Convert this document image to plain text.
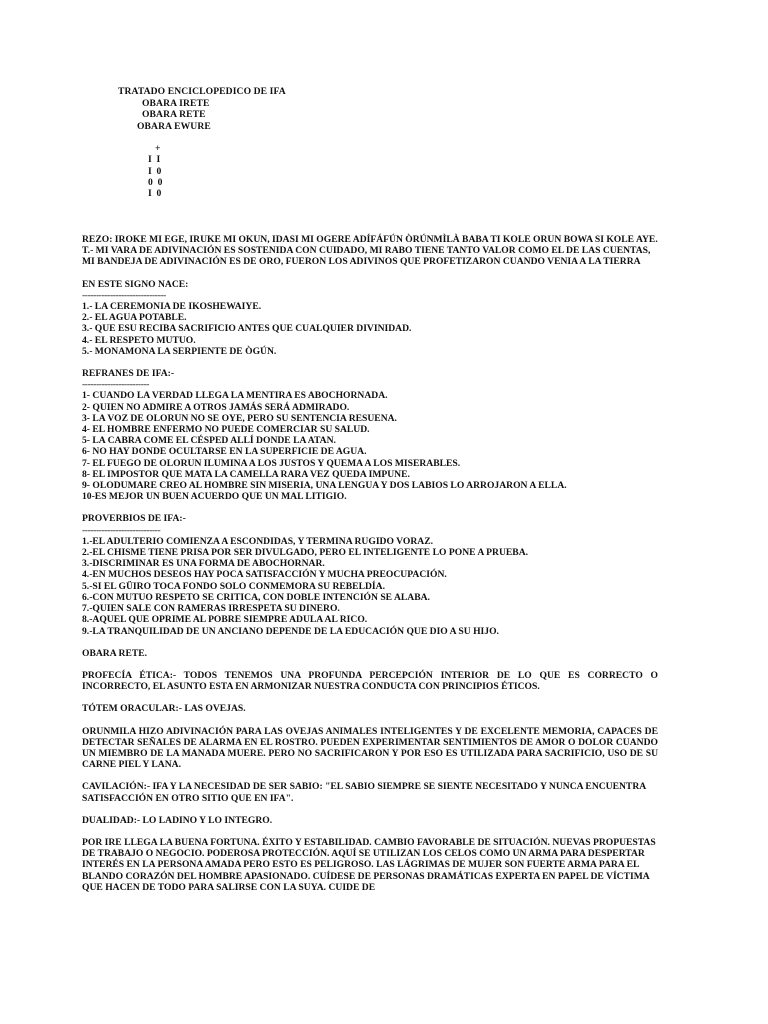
TRATADO ENCICLOPEDICO DE IFA
OBARA IRETE
OBARA RETE
OBARA EWURE
+
I  I
I  0
0  0
I  0

REZO: IROKE MI EGE, IRUKE MI OKUN, IDASI MI OGERE ADÍFÁFÚN ÒRÚNMÌLÀ BABA TI KOLE ORUN BOWA SI KOLE AYE.

T.- MI VARA DE ADIVINACIÓN ES SOSTENIDA CON CUIDADO, MI RABO TIENE TANTO VALOR COMO EL DE LAS CUENTAS, MI BANDEJA DE ADIVINACIÓN ES DE ORO, FUERON LOS ADIVINOS QUE PROFETIZARON CUANDO VENIA A LA TIERRA

EN ESTE SIGNO NACE:

------------------------------

1.- LA CEREMONIA DE IKOSHEWAIYE.

2.- EL AGUA POTABLE.

3.- QUE ESU RECIBA SACRIFICIO ANTES QUE CUALQUIER DIVINIDAD.

4.- EL RESPETO MUTUO.

5.- MONAMONA LA SERPIENTE DE ÒGÚN.

REFRANES DE IFA:-

------------------------

1- CUANDO LA VERDAD LLEGA LA MENTIRA ES ABOCHORNADA.

2- QUIEN NO ADMIRE A OTROS JAMÁS SERÁ ADMIRADO.

3- LA VOZ DE OLORUN NO SE OYE, PERO SU SENTENCIA RESUENA.

4- EL HOMBRE ENFERMO NO PUEDE COMERCIAR SU SALUD.

5- LA CABRA COME EL CÉSPED ALLÍ DONDE LA ATAN.

6- NO HAY DONDE OCULTARSE EN LA SUPERFICIE DE AGUA.

7- EL FUEGO DE OLORUN ILUMINA A LOS JUSTOS Y QUEMA A LOS MISERABLES.

8- EL IMPOSTOR QUE MATA LA CAMELLA RARA VEZ QUEDA IMPUNE.

9- OLODUMARE CREO AL HOMBRE SIN MISERIA, UNA LENGUA Y DOS LABIOS LO ARROJARON A ELLA.

10-ES MEJOR UN BUEN ACUERDO QUE UN MAL LITIGIO.

PROVERBIOS DE IFA:-

----------------------------

1.-EL ADULTERIO COMIENZA A ESCONDIDAS, Y TERMINA RUGIDO VORAZ.

2.-EL CHISME TIENE PRISA POR SER DIVULGADO, PERO EL INTELIGENTE LO PONE A PRUEBA.

3.-DISCRIMINAR ES UNA FORMA DE ABOCHORNAR.

4.-EN MUCHOS DESEOS HAY POCA SATISFACCIÓN Y MUCHA PREOCUPACIÓN.

5.-SI EL GÜIRO TOCA FONDO SOLO CONMEMORA SU REBELDÍA.

6.-CON MUTUO RESPETO SE CRITICA, CON DOBLE INTENCIÓN SE ALABA.

7.-QUIEN SALE CON RAMERAS IRRESPETA SU DINERO.

8.-AQUEL QUE OPRIME AL POBRE SIEMPRE ADULA AL RICO.

9.-LA TRANQUILIDAD DE UN ANCIANO DEPENDE DE LA EDUCACIÓN QUE DIO A SU HIJO.

OBARA RETE.

PROFECÍA ÉTICA:- TODOS TENEMOS UNA PROFUNDA PERCEPCIÓN INTERIOR DE LO QUE ES CORRECTO O INCORRECTO, EL ASUNTO ESTA EN ARMONIZAR NUESTRA CONDUCTA CON PRINCIPIOS ÉTICOS.

TÓTEM ORACULAR:- LAS OVEJAS.

ORUNMILA HIZO ADIVINACIÓN PARA LAS OVEJAS ANIMALES INTELIGENTES Y DE EXCELENTE MEMORIA, CAPACES DE DETECTAR SEÑALES DE ALARMA EN EL ROSTRO. PUEDEN EXPERIMENTAR SENTIMIENTOS DE AMOR O DOLOR CUANDO UN MIEMBRO DE LA MANADA MUERE. PERO NO SACRIFICARON Y POR ESO ES UTILIZADA PARA SACRIFICIO, USO DE SU CARNE PIEL Y LANA.

CAVILACIÓN:- IFA Y LA NECESIDAD DE SER SABIO: "EL SABIO SIEMPRE SE SIENTE NECESITADO Y NUNCA ENCUENTRA SATISFACCIÓN EN OTRO SITIO QUE EN IFA".

DUALIDAD:- LO LADINO Y LO INTEGRO.

POR IRE LLEGA LA BUENA FORTUNA. ÉXITO Y ESTABILIDAD. CAMBIO FAVORABLE DE SITUACIÓN. NUEVAS PROPUESTAS DE TRABAJO O NEGOCIO. PODEROSA PROTECCIÓN. AQUÍ SE UTILIZAN LOS CELOS COMO UN ARMA PARA DESPERTAR INTERÉS EN LA PERSONA AMADA PERO ESTO ES PELIGROSO. LAS LÁGRIMAS DE MUJER SON FUERTE ARMA PARA EL BLANDO CORAZÓN DEL HOMBRE APASIONADO. CUÍDESE DE PERSONAS DRAMÁTICAS EXPERTA EN PAPEL DE VÍCTIMA QUE HACEN DE TODO PARA SALIRSE CON LA SUYA. CUIDE DE
